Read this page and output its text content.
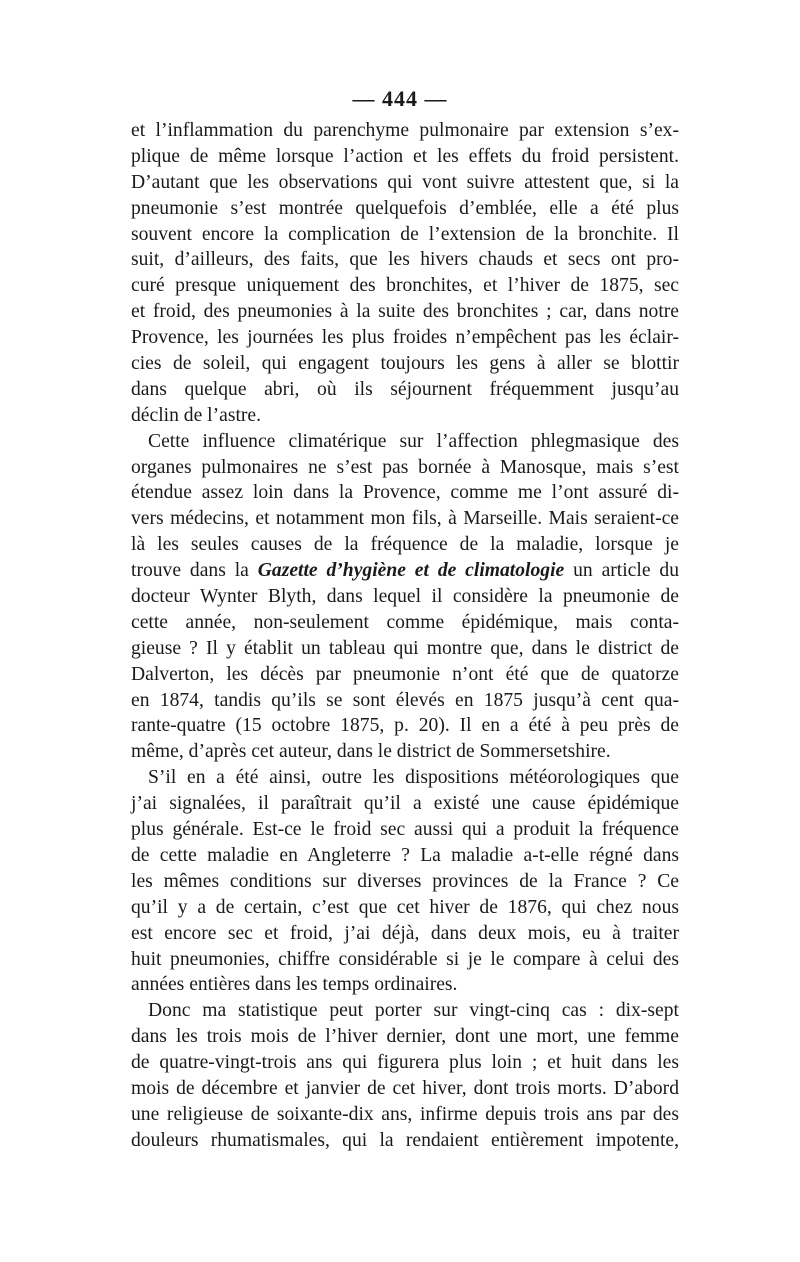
— 444 —
et l’inflammation du parenchyme pulmonaire par extension s’ex-
plique de même lorsque l’action et les effets du froid persistent.
D’autant que les observations qui vont suivre attestent que, si la
pneumonie s’est montrée quelquefois d’emblée, elle a été plus
souvent encore la complication de l’extension de la bronchite. Il
suit, d’ailleurs, des faits, que les hivers chauds et secs ont pro-
curé presque uniquement des bronchites, et l’hiver de 1875, sec
et froid, des pneumonies à la suite des bronchites ; car, dans notre
Provence, les journées les plus froides n’empêchent pas les éclair-
cies de soleil, qui engagent toujours les gens à aller se blottir
dans quelque abri, où ils séjournent fréquemment jusqu’au
déclin de l’astre.
Cette influence climatérique sur l’affection phlegmasique des
organes pulmonaires ne s’est pas bornée à Manosque, mais s’est
étendue assez loin dans la Provence, comme me l’ont assuré di-
vers médecins, et notamment mon fils, à Marseille. Mais seraient-ce
là les seules causes de la fréquence de la maladie, lorsque je
trouve dans la Gazette d’hygiène et de climatologie un article du
docteur Wynter Blyth, dans lequel il considère la pneumonie de
cette année, non-seulement comme épidémique, mais conta-
gieuse ? Il y établit un tableau qui montre que, dans le district de
Dalverton, les décès par pneumonie n’ont été que de quatorze
en 1874, tandis qu’ils se sont élevés en 1875 jusqu’à cent qua-
rante-quatre (15 octobre 1875, p. 20). Il en a été à peu près de
même, d’après cet auteur, dans le district de Sommersetshire.
S’il en a été ainsi, outre les dispositions météorologiques que
j’ai signalées, il paraîtrait qu’il a existé une cause épidémique
plus générale. Est-ce le froid sec aussi qui a produit la fréquence
de cette maladie en Angleterre ? La maladie a-t-elle régné dans
les mêmes conditions sur diverses provinces de la France ? Ce
qu’il y a de certain, c’est que cet hiver de 1876, qui chez nous
est encore sec et froid, j’ai déjà, dans deux mois, eu à traiter
huit pneumonies, chiffre considérable si je le compare à celui des
années entières dans les temps ordinaires.
Donc ma statistique peut porter sur vingt-cinq cas : dix-sept
dans les trois mois de l’hiver dernier, dont une mort, une femme
de quatre-vingt-trois ans qui figurera plus loin ; et huit dans les
mois de décembre et janvier de cet hiver, dont trois morts. D’abord
une religieuse de soixante-dix ans, infirme depuis trois ans par des
douleurs rhumatismales, qui la rendaient entièrement impotente,
